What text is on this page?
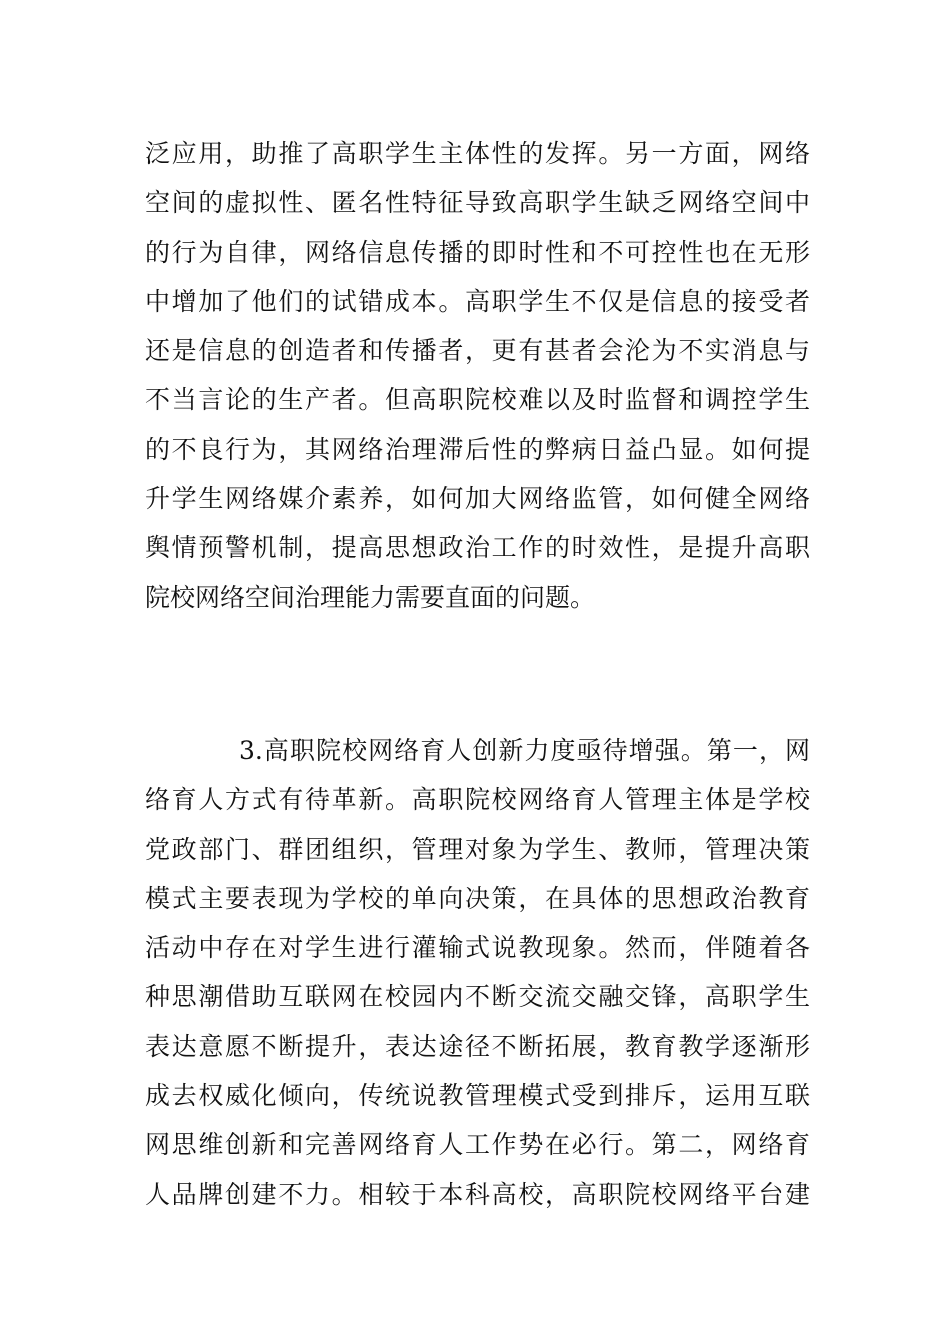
泛应用，助推了高职学生主体性的发挥。另一方面，网络
空间的虚拟性、匿名性特征导致高职学生缺乏网络空间中
的行为自律，网络信息传播的即时性和不可控性也在无形
中增加了他们的试错成本。高职学生不仅是信息的接受者
还是信息的创造者和传播者，更有甚者会沦为不实消息与
不当言论的生产者。但高职院校难以及时监督和调控学生
的不良行为，其网络治理滞后性的弊病日益凸显。如何提
升学生网络媒介素养，如何加大网络监管，如何健全网络
舆情预警机制，提高思想政治工作的时效性，是提升高职
院校网络空间治理能力需要直面的问题。
3.高职院校网络育人创新力度亟待增强。第一，网
络育人方式有待革新。高职院校网络育人管理主体是学校
党政部门、群团组织，管理对象为学生、教师，管理决策
模式主要表现为学校的单向决策，在具体的思想政治教育
活动中存在对学生进行灌输式说教现象。然而，伴随着各
种思潮借助互联网在校园内不断交流交融交锋，高职学生
表达意愿不断提升，表达途径不断拓展，教育教学逐渐形
成去权威化倾向，传统说教管理模式受到排斥，运用互联
网思维创新和完善网络育人工作势在必行。第二，网络育
人品牌创建不力。相较于本科高校，高职院校网络平台建
